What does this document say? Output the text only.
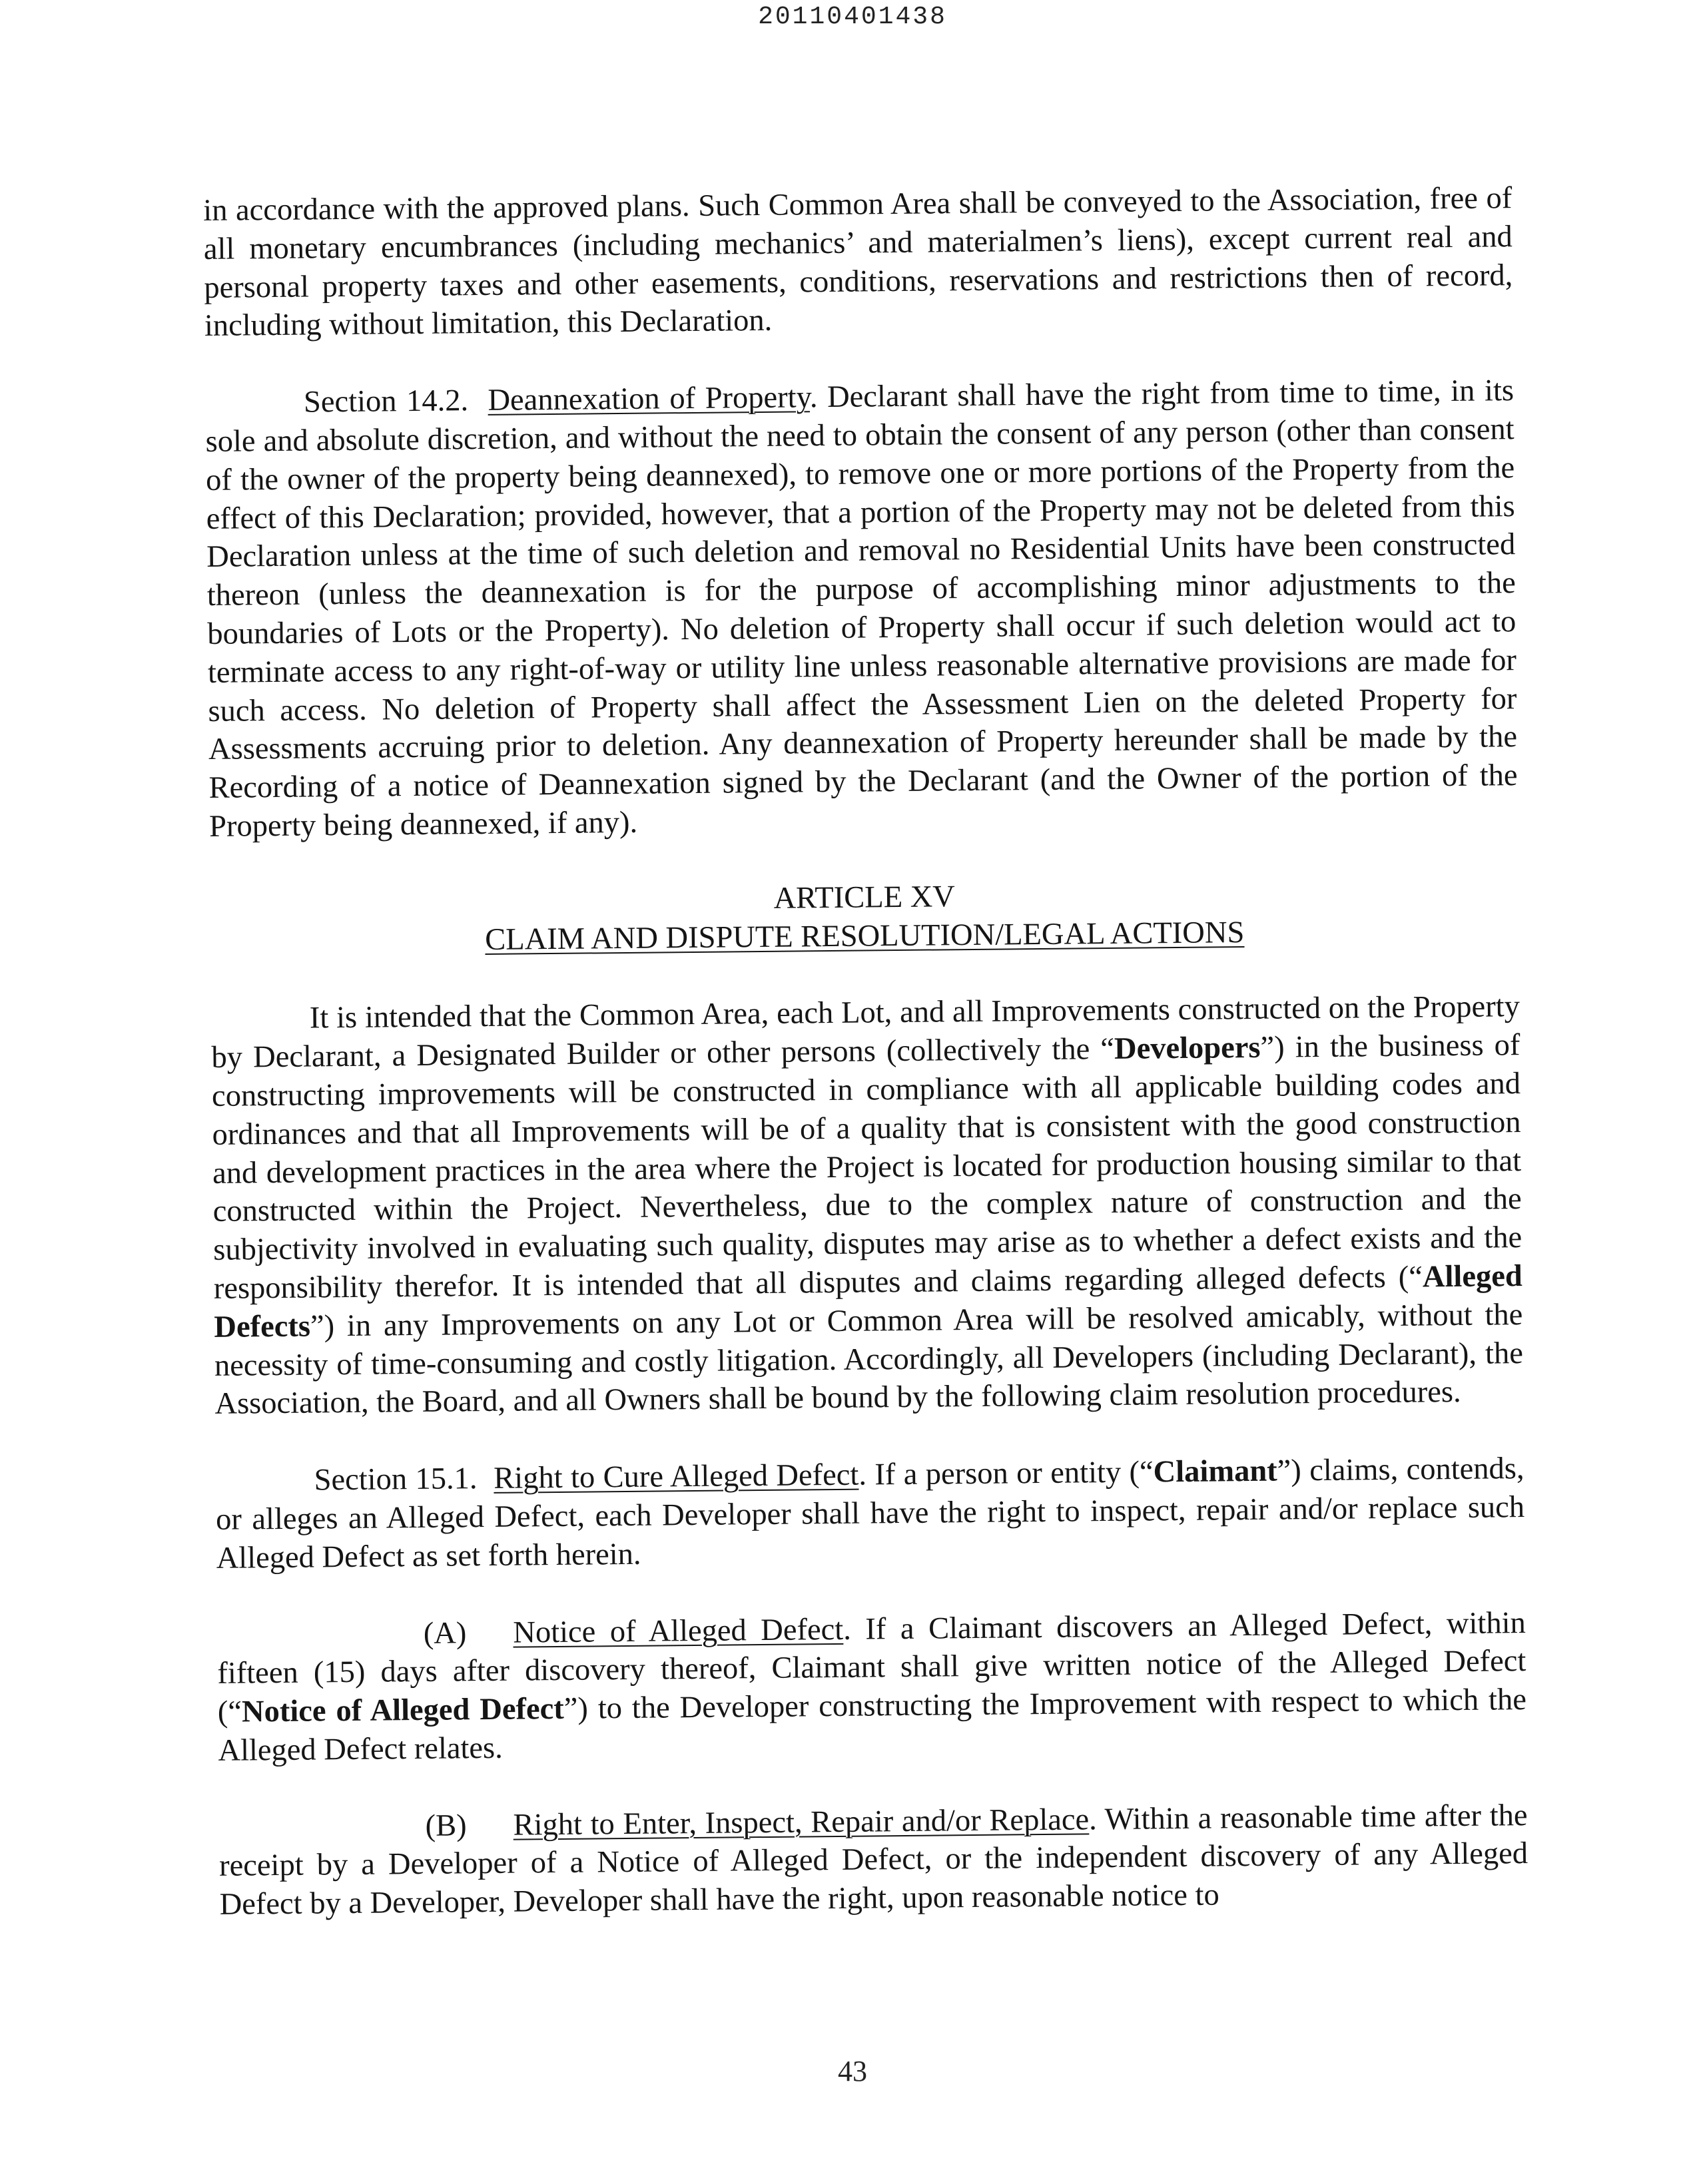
20110401438

in accordance with the approved plans. Such Common Area shall be conveyed to the Association, free of all monetary encumbrances (including mechanics’ and materialmen’s liens), except current real and personal property taxes and other easements, conditions, reservations and restrictions then of record, including without limitation, this Declaration.

Section 14.2. Deannexation of Property. Declarant shall have the right from time to time, in its sole and absolute discretion, and without the need to obtain the consent of any person (other than consent of the owner of the property being deannexed), to remove one or more portions of the Property from the effect of this Declaration; provided, however, that a portion of the Property may not be deleted from this Declaration unless at the time of such deletion and removal no Residential Units have been constructed thereon (unless the deannexation is for the purpose of accomplishing minor adjustments to the boundaries of Lots or the Property). No deletion of Property shall occur if such deletion would act to terminate access to any right-of-way or utility line unless reasonable alternative provisions are made for such access. No deletion of Property shall affect the Assessment Lien on the deleted Property for Assessments accruing prior to deletion. Any deannexation of Property hereunder shall be made by the Recording of a notice of Deannexation signed by the Declarant (and the Owner of the portion of the Property being deannexed, if any).

ARTICLE XV
CLAIM AND DISPUTE RESOLUTION/LEGAL ACTIONS

It is intended that the Common Area, each Lot, and all Improvements constructed on the Property by Declarant, a Designated Builder or other persons (collectively the “Developers”) in the business of constructing improvements will be constructed in compliance with all applicable building codes and ordinances and that all Improvements will be of a quality that is consistent with the good construction and development practices in the area where the Project is located for production housing similar to that constructed within the Project. Nevertheless, due to the complex nature of construction and the subjectivity involved in evaluating such quality, disputes may arise as to whether a defect exists and the responsibility therefor. It is intended that all disputes and claims regarding alleged defects (“Alleged Defects”) in any Improvements on any Lot or Common Area will be resolved amicably, without the necessity of time-consuming and costly litigation. Accordingly, all Developers (including Declarant), the Association, the Board, and all Owners shall be bound by the following claim resolution procedures.

Section 15.1. Right to Cure Alleged Defect. If a person or entity (“Claimant”) claims, contends, or alleges an Alleged Defect, each Developer shall have the right to inspect, repair and/or replace such Alleged Defect as set forth herein.

(A) Notice of Alleged Defect. If a Claimant discovers an Alleged Defect, within fifteen (15) days after discovery thereof, Claimant shall give written notice of the Alleged Defect (“Notice of Alleged Defect”) to the Developer constructing the Improvement with respect to which the Alleged Defect relates.

(B) Right to Enter, Inspect, Repair and/or Replace. Within a reasonable time after the receipt by a Developer of a Notice of Alleged Defect, or the independent discovery of any Alleged Defect by a Developer, Developer shall have the right, upon reasonable notice to

43
